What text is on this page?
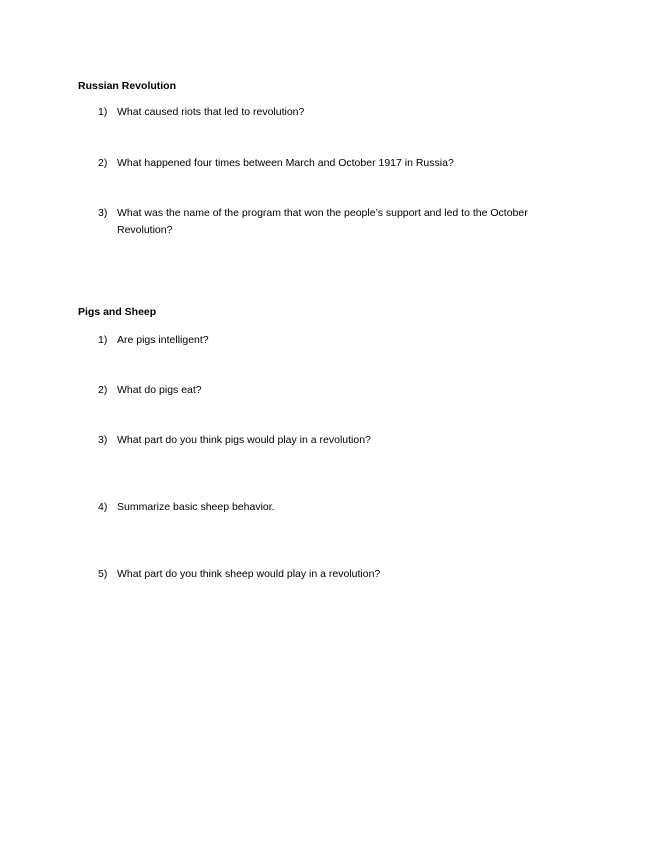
Russian Revolution
1) What caused riots that led to revolution?
2) What happened four times between March and October 1917 in Russia?
3) What was the name of the program that won the people’s support and led to the October Revolution?
Pigs and Sheep
1) Are pigs intelligent?
2) What do pigs eat?
3) What part do you think pigs would play in a revolution?
4) Summarize basic sheep behavior.
5) What part do you think sheep would play in a revolution?
